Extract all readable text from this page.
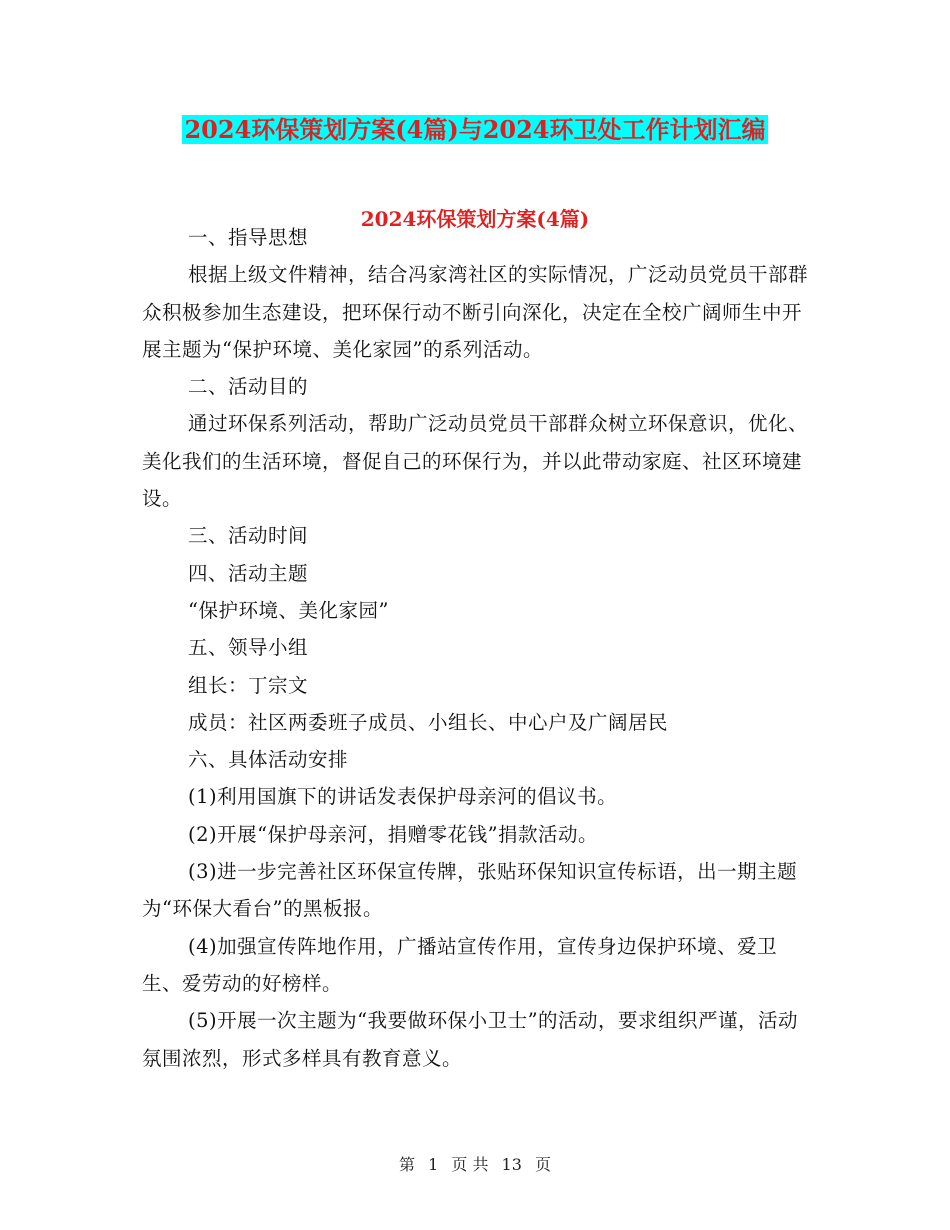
2024环保策划方案(4篇)与2024环卫处工作计划汇编
2024环保策划方案(4篇)

一、指导思想

根据上级文件精神，结合冯家湾社区的实际情况，广泛动员党员干部群众积极参加生态建设，把环保行动不断引向深化，决定在全校广阔师生中开展主题为“保护环境、美化家园”的系列活动。

二、活动目的

通过环保系列活动，帮助广泛动员党员干部群众树立环保意识，优化、美化我们的生活环境，督促自己的环保行为，并以此带动家庭、社区环境建设。

三、活动时间

四、活动主题

“保护环境、美化家园”

五、领导小组

组长：丁宗文

成员：社区两委班子成员、小组长、中心户及广阔居民

六、具体活动安排

(1)利用国旗下的讲话发表保护母亲河的倡议书。

(2)开展“保护母亲河，捐赠零花钱”捐款活动。

(3)进一步完善社区环保宣传牌，张贴环保知识宣传标语，出一期主题为“环保大看台”的黑板报。

(4)加强宣传阵地作用，广播站宣传作用，宣传身边保护环境、爱卫生、爱劳动的好榜样。

(5)开展一次主题为“我要做环保小卫士”的活动，要求组织严谨，活动氛围浓烈，形式多样具有教育意义。

第 1 页 共 13 页
